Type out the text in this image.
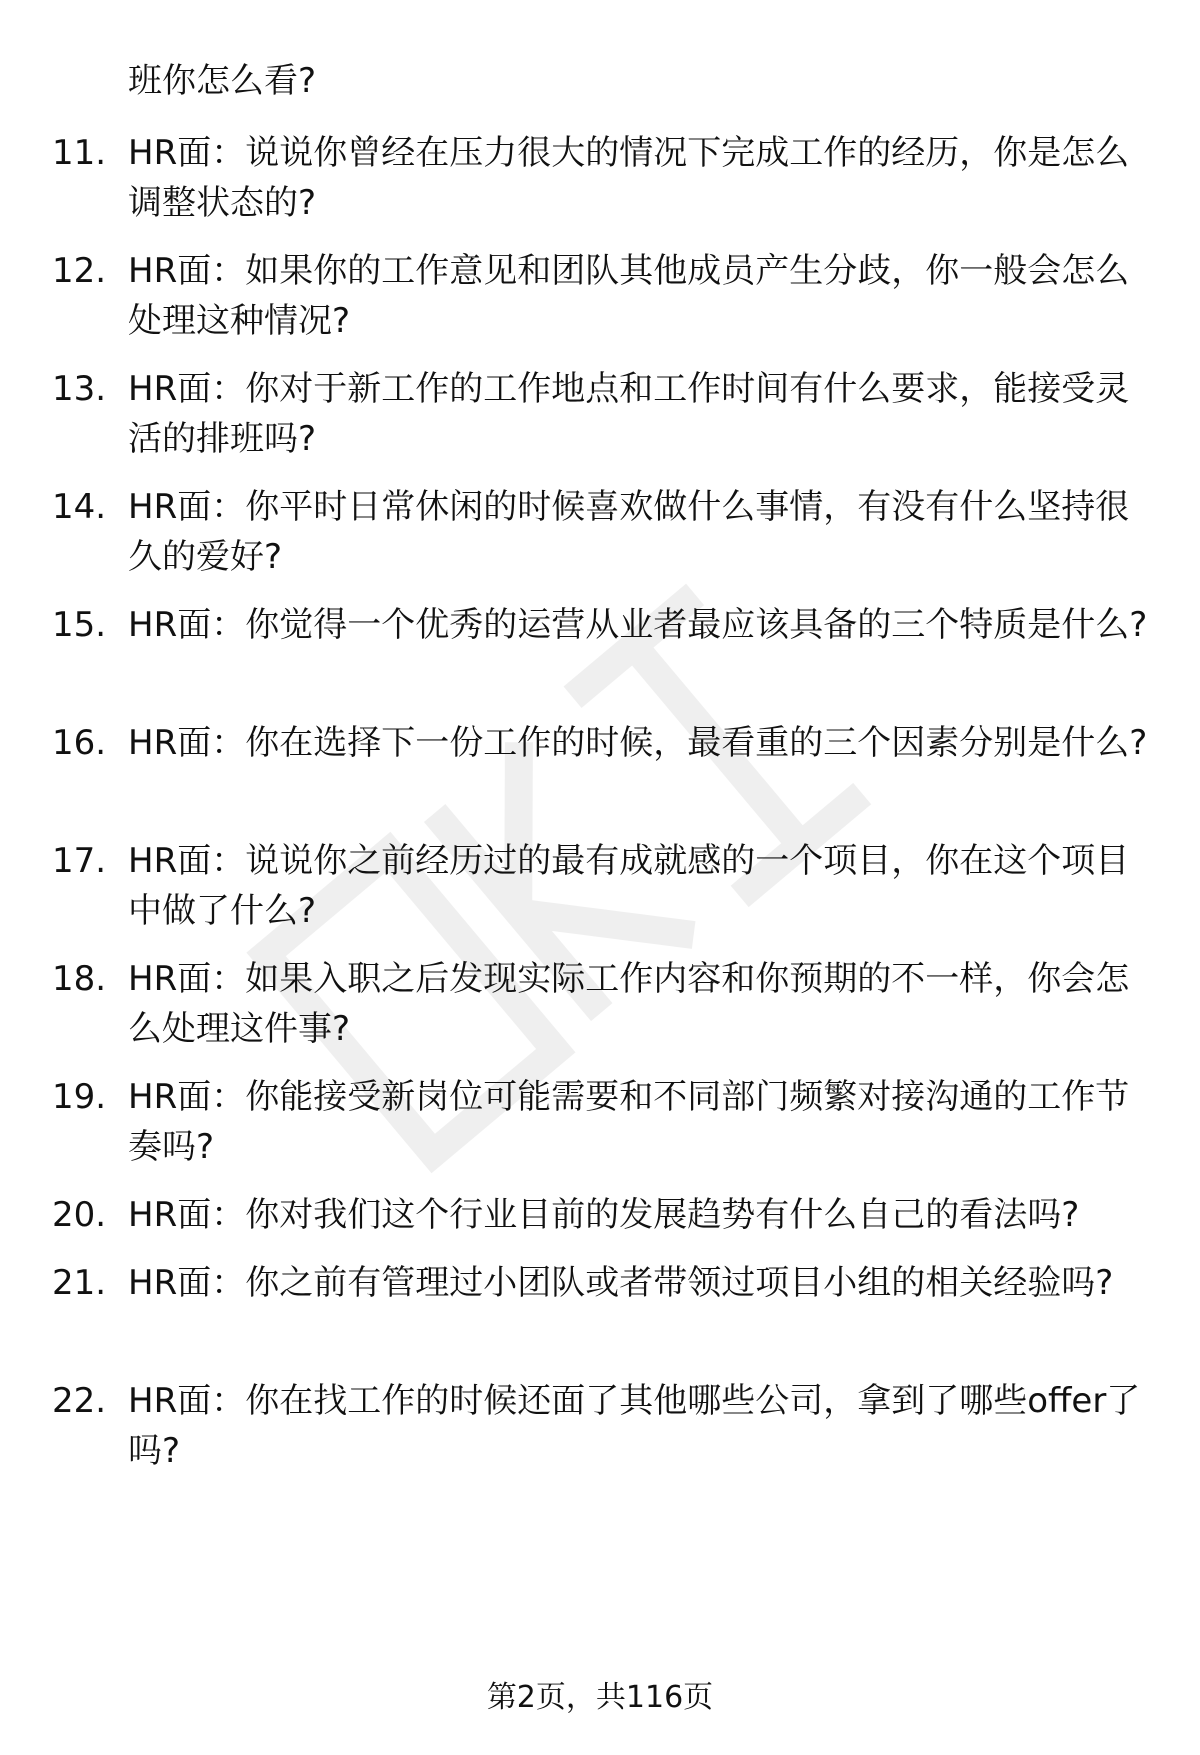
班你怎么看?
11. HR面：说说你曾经在压力很大的情况下完成工作的经历，你是怎么调整状态的?
12. HR面：如果你的工作意见和团队其他成员产生分歧，你一般会怎么处理这种情况?
13. HR面：你对于新工作的工作地点和工作时间有什么要求，能接受灵活的排班吗?
14. HR面：你平时日常休闲的时候喜欢做什么事情，有没有什么坚持很久的爱好?
15. HR面：你觉得一个优秀的运营从业者最应该具备的三个特质是什么?
16. HR面：你在选择下一份工作的时候，最看重的三个因素分别是什么?
17. HR面：说说你之前经历过的最有成就感的一个项目，你在这个项目中做了什么?
18. HR面：如果入职之后发现实际工作内容和你预期的不一样，你会怎么处理这件事?
19. HR面：你能接受新岗位可能需要和不同部门频繁对接沟通的工作节奏吗?
20. HR面：你对我们这个行业目前的发展趋势有什么自己的看法吗?
21. HR面：你之前有管理过小团队或者带领过项目小组的相关经验吗?
22. HR面：你在找工作的时候还面了其他哪些公司，拿到了哪些offer了吗?
第2页，共116页
